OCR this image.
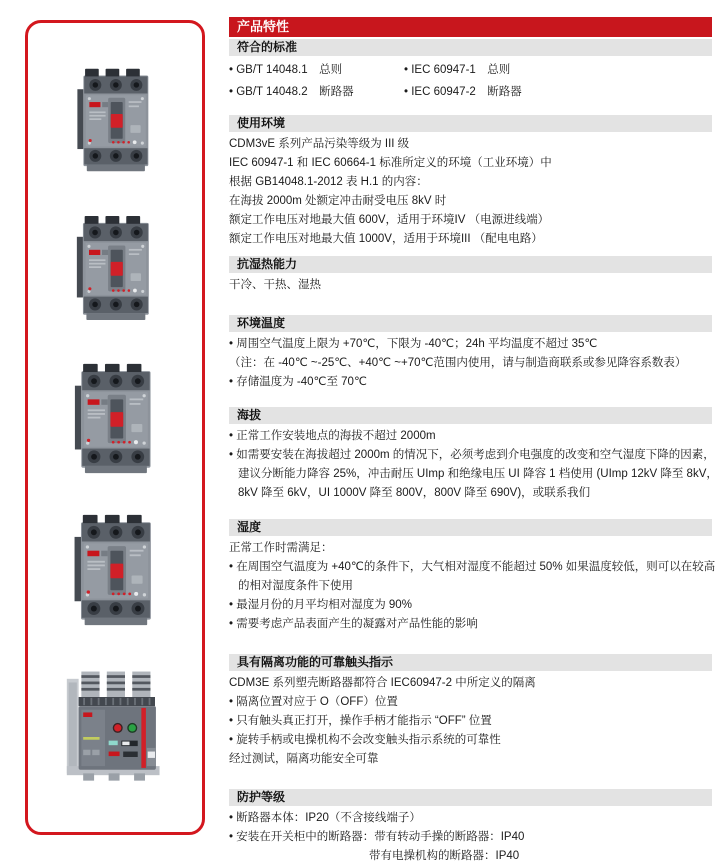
产品特性
符合的标准
• GB/T 14048.1　总则	• IEC 60947-1　总则
• GB/T 14048.2　断路器	• IEC 60947-2　断路器
使用环境
CDM3vE 系列产品污染等级为 III 级
IEC 60947-1 和 IEC 60664-1 标准所定义的环境（工业环境）中
根据 GB14048.1-2012 表 H.1 的内容：
在海拔 2000m 处额定冲击耐受电压 8kV 时
额定工作电压对地最大值 600V，适用于环境IV （电源进线端）
额定工作电压对地最大值 1000V，适用于环境III （配电电路）
抗湿热能力
干冷、干热、湿热
环境温度
• 周围空气温度上限为 +70℃，下限为 -40℃；24h 平均温度不超过 35℃
（注：在 -40℃ ~-25℃、+40℃ ~+70℃范围内使用，请与制造商联系或参见降容系数表）
• 存储温度为 -40℃至 70℃
海拔
• 正常工作安装地点的海拔不超过 2000m
• 如需要安装在海拔超过 2000m 的情况下，必须考虑到介电强度的改变和空气湿度下降的因素，
建议分断能力降容 25%，冲击耐压 UImp 和绝缘电压 UI 降容 1 档使用 (UImp 12kV 降至 8kV，
8kV 降至 6kV，UI 1000V 降至 800V，800V 降至 690V)，或联系我们
湿度
正常工作时需满足：
• 在周围空气温度为 +40℃的条件下，大气相对湿度不能超过 50% 如果温度较低，则可以在较高
的相对湿度条件下使用
• 最湿月份的月平均相对湿度为 90%
• 需要考虑产品表面产生的凝露对产品性能的影响
具有隔离功能的可靠触头指示
CDM3E 系列塑壳断路器都符合 IEC60947-2 中所定义的隔离
• 隔离位置对应于 O（OFF）位置
• 只有触头真正打开，操作手柄才能指示 “OFF” 位置
• 旋转手柄或电操机构不会改变触头指示系统的可靠性
经过测试，隔离功能安全可靠
防护等级
• 断路器本体：IP20（不含接线端子）
• 安装在开关柜中的断路器：带有转动手操的断路器：IP40
带有电操机构的断路器：IP40
